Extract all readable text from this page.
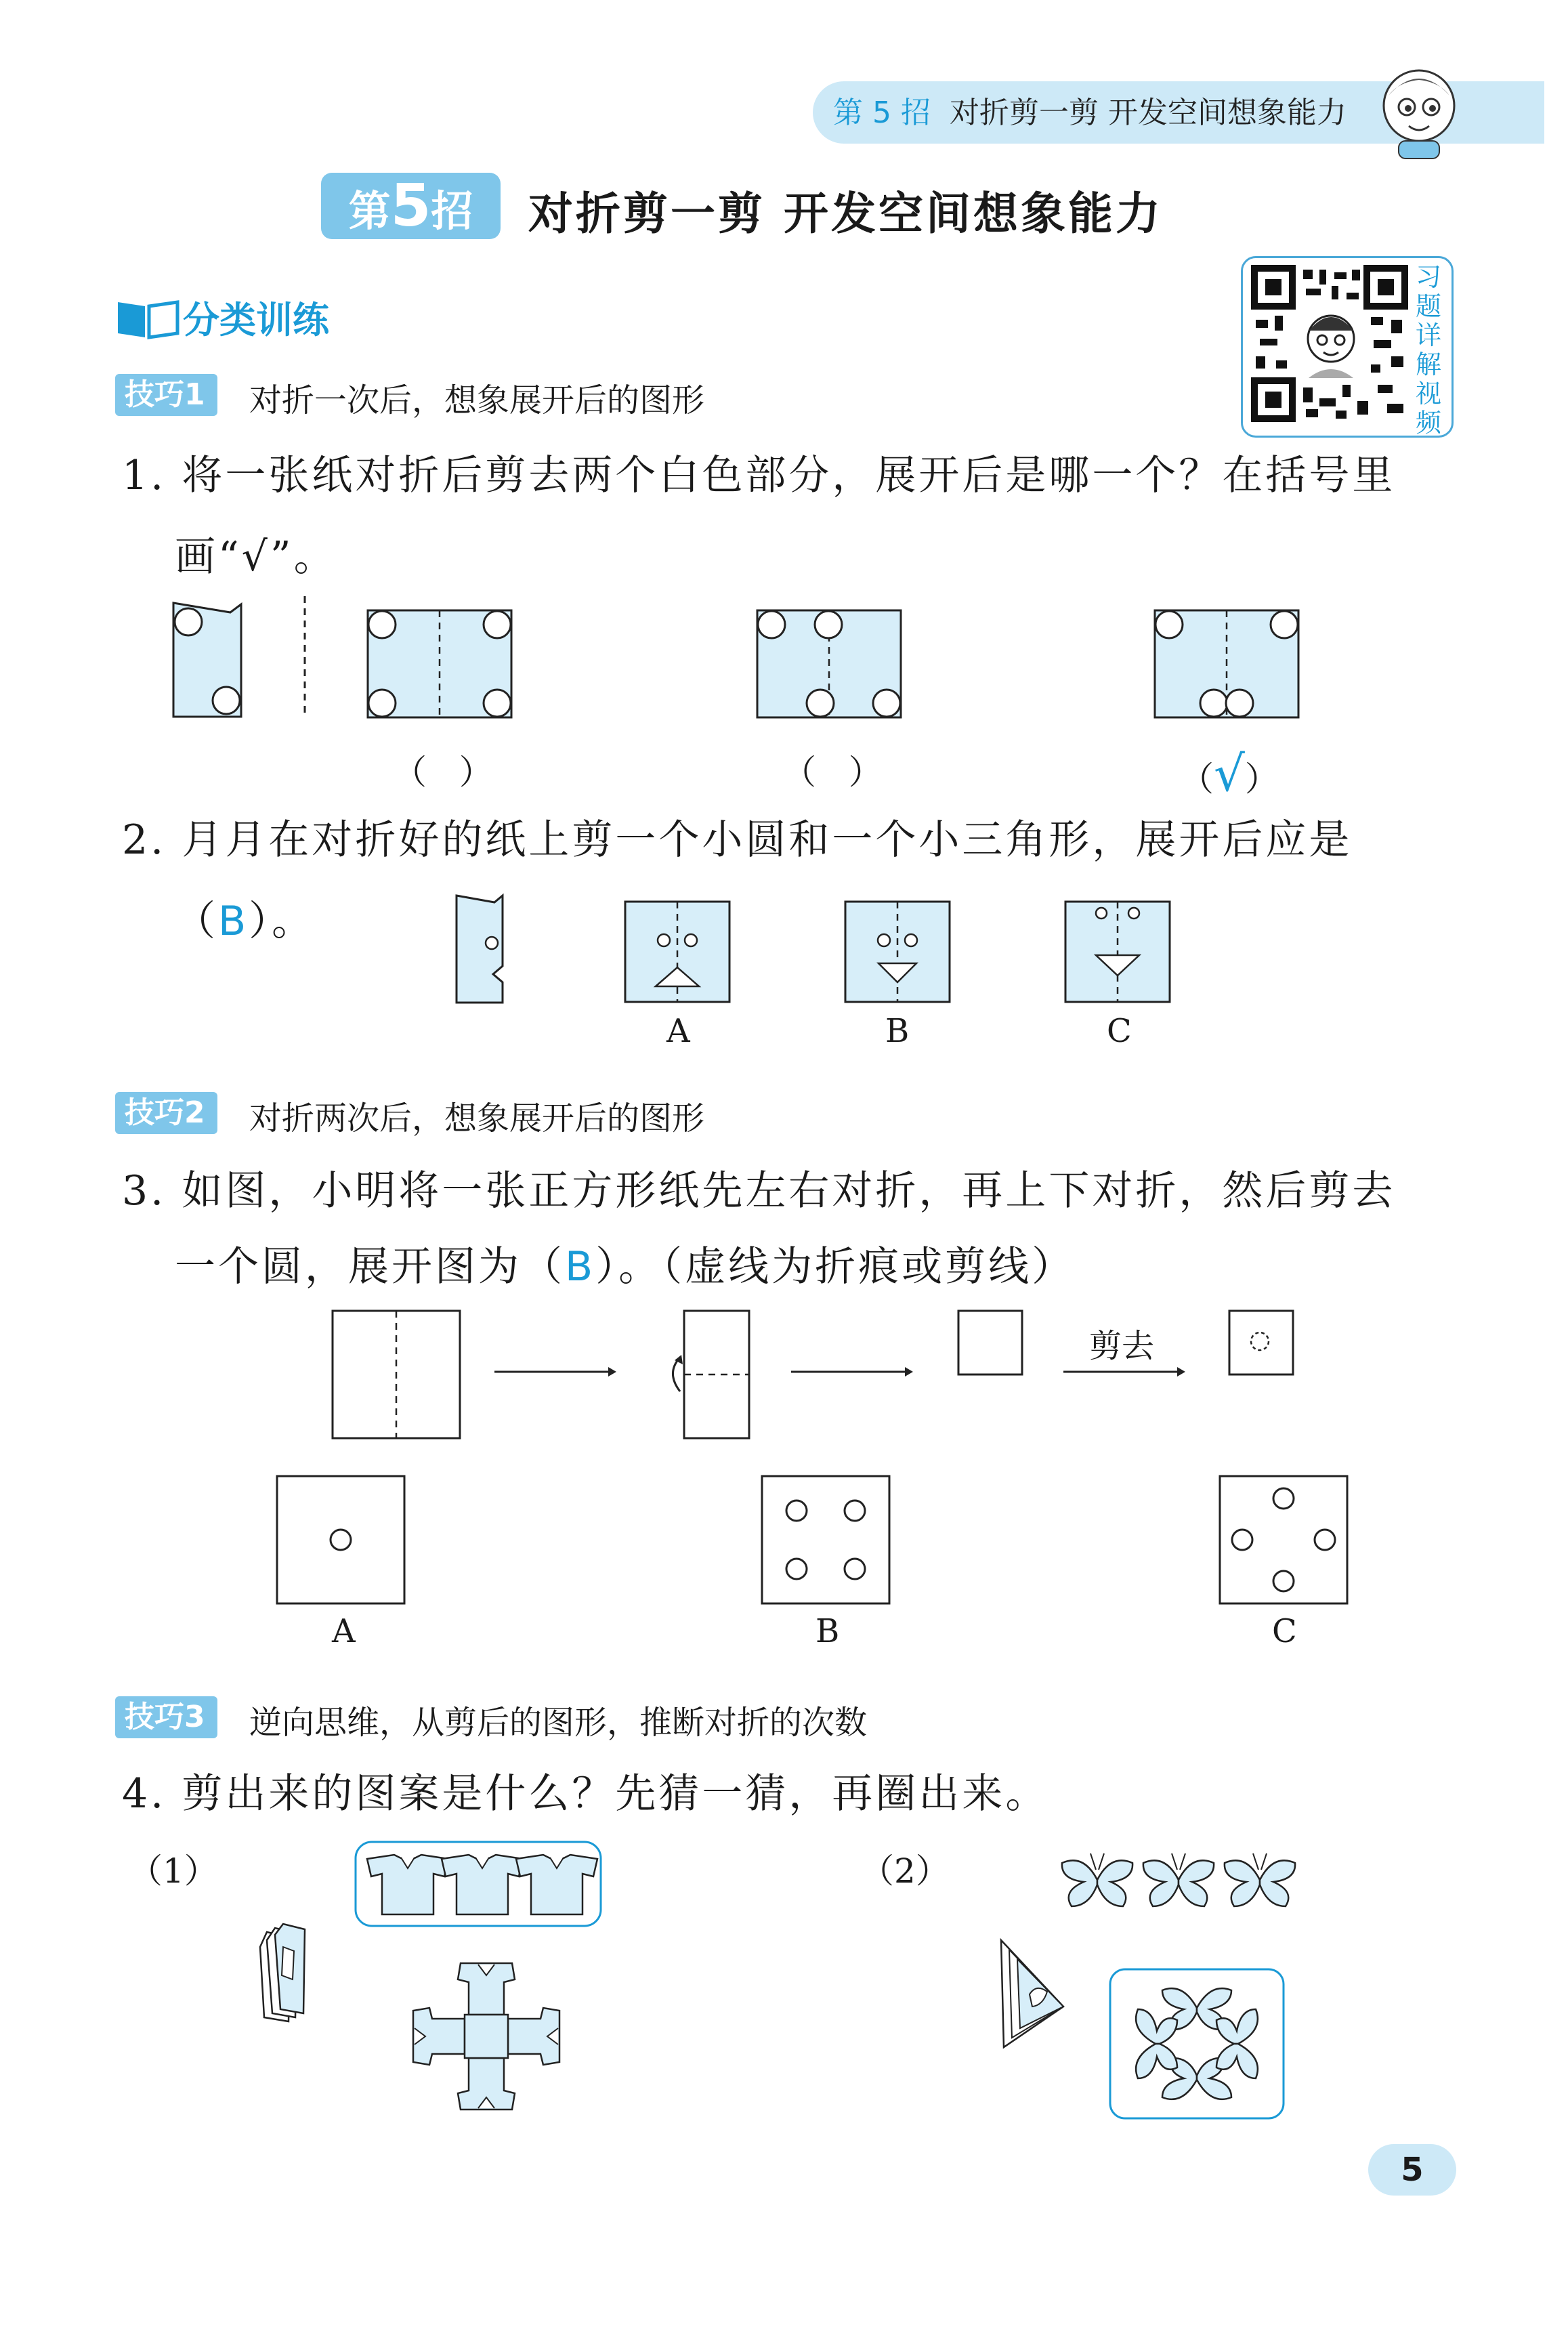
第 5 招 对折剪一剪 开发空间想象能力
第5招	对折剪一剪 开发空间想象能力
分类训练
习题详解视频
技巧1	对折一次后，想象展开后的图形
1. 将一张纸对折后剪去两个白色部分，展开后是哪一个？在括号里
画“√”。
（ ）	（ ）	（√）
2. 月月在对折好的纸上剪一个小圆和一个小三角形，展开后应是
（B）。
A	B	C
技巧2	对折两次后，想象展开后的图形
3. 如图，小明将一张正方形纸先左右对折，再上下对折，然后剪去
一个圆，展开图为（B）。（虚线为折痕或剪线）
剪去
A	B	C
技巧3	逆向思维，从剪后的图形，推断对折的次数
4. 剪出来的图案是什么？先猜一猜，再圈出来。
（1）	（2）
5
